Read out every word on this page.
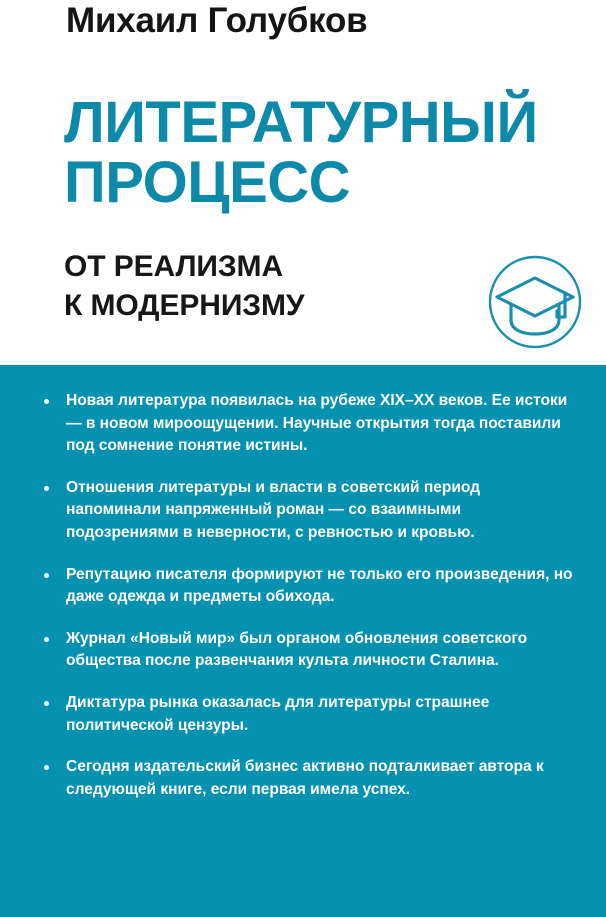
Михаил Голубков
ЛИТЕРАТУРНЫЙ
ПРОЦЕСС
ОТ РЕАЛИЗМА
К МОДЕРНИЗМУ
Новая литература появилась на рубеже XIX–XX веков. Ее истоки — в новом мироощущении. Научные открытия тогда поставили под сомнение понятие истины.
Отношения литературы и власти в советский период напоминали напряженный роман — со взаимными подозрениями в неверности, с ревностью и кровью.
Репутацию писателя формируют не только его произведения, но даже одежда и предметы обихода.
Журнал «Новый мир» был органом обновления советского общества после развенчания культа личности Сталина.
Диктатура рынка оказалась для литературы страшнее политической цензуры.
Сегодня издательский бизнес активно подталкивает автора к следующей книге, если первая имела успех.
